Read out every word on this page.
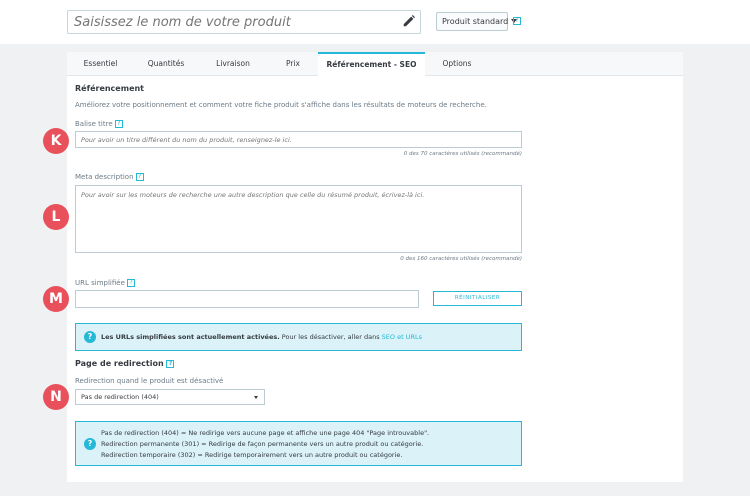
Saisissez le nom de votre produit
Produit standard	?
Essentiel	Quantités	Livraison	Prix	Référencement - SEO	Options
Référencement
Améliorez votre positionnement et comment votre fiche produit s'affiche dans les résultats de moteurs de recherche.
Balise titre ?
Pour avoir un titre différent du nom du produit, renseignez-le ici.
0 des 70 caractères utilisés (recommandé)
Meta description ?
Pour avoir sur les moteurs de recherche une autre description que celle du résumé produit, écrivez-là ici.
0 des 160 caractères utilisés (recommandé)
URL simplifiée ?
RÉINITIALISER
?	Les URLs simplifiées sont actuellement activées. Pour les désactiver, aller dans SEO et URLs
Page de redirection ?
Redirection quand le produit est désactivé
Pas de redirection (404)
?
Pas de redirection (404) = Ne redirige vers aucune page et affiche une page 404 "Page introuvable".
Redirection permanente (301) = Redirige de façon permanente vers un autre produit ou catégorie.
Redirection temporaire (302) = Redirige temporairement vers un autre produit ou catégorie.
K
L
M
N
